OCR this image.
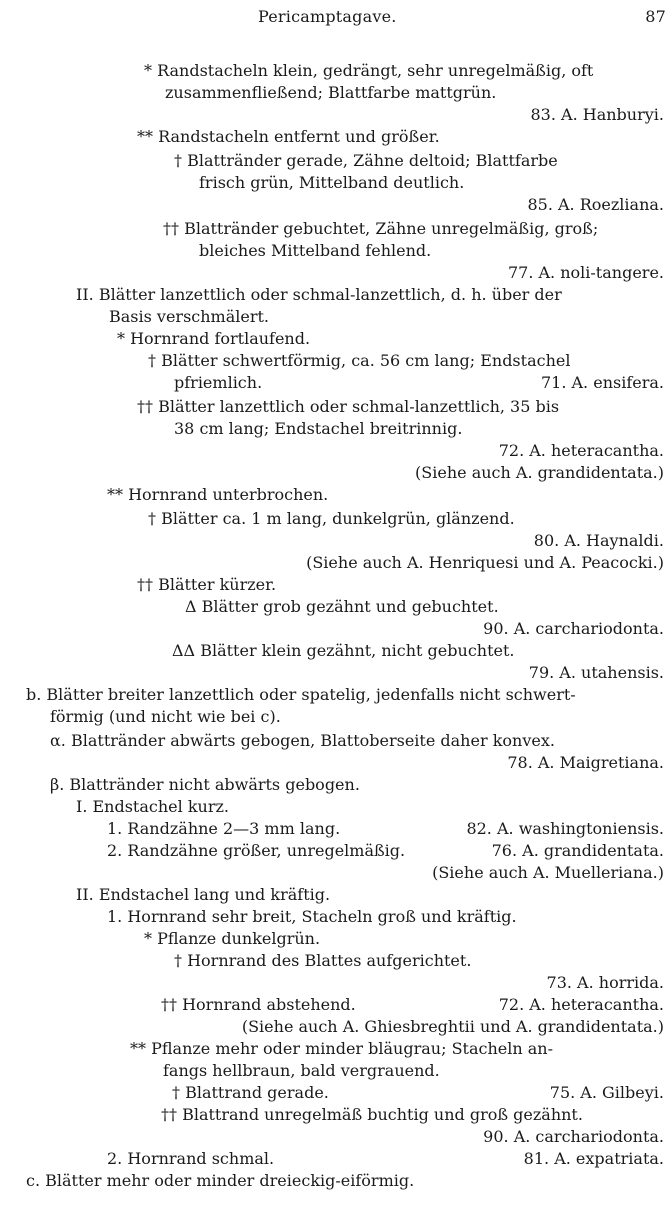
Pericamptagave.	87
* Randstacheln klein, gedrängt, sehr unregelmäßig, oft
zusammenfließend; Blattfarbe mattgrün.
83. A. Hanburyi.
** Randstacheln entfernt und größer.
† Blattränder gerade, Zähne deltoid; Blattfarbe
frisch grün, Mittelband deutlich.
85. A. Roezliana.
†† Blattränder gebuchtet, Zähne unregelmäßig, groß;
bleiches Mittelband fehlend.
77. A. noli-tangere.
II. Blätter lanzettlich oder schmal-lanzettlich, d. h. über der
Basis verschmälert.
* Hornrand fortlaufend.
† Blätter schwertförmig, ca. 56 cm lang; Endstachel
pfriemlich.	71. A. ensifera.
†† Blätter lanzettlich oder schmal-lanzettlich, 35 bis
38 cm lang; Endstachel breitrinnig.
72. A. heteracantha.
(Siehe auch A. grandidentata.)
** Hornrand unterbrochen.
† Blätter ca. 1 m lang, dunkelgrün, glänzend.
80. A. Haynaldi.
(Siehe auch A. Henriquesi und A. Peacocki.)
†† Blätter kürzer.
Δ Blätter grob gezähnt und gebuchtet.
90. A. carchariodonta.
ΔΔ Blätter klein gezähnt, nicht gebuchtet.
79. A. utahensis.
b. Blätter breiter lanzettlich oder spatelig, jedenfalls nicht schwert-
förmig (und nicht wie bei c).
α. Blattränder abwärts gebogen, Blattoberseite daher konvex.
78. A. Maigretiana.
β. Blattränder nicht abwärts gebogen.
I. Endstachel kurz.
1. Randzähne 2—3 mm lang.	82. A. washingtoniensis.
2. Randzähne größer, unregelmäßig.	76. A. grandidentata.
(Siehe auch A. Muelleriana.)
II. Endstachel lang und kräftig.
1. Hornrand sehr breit, Stacheln groß und kräftig.
* Pflanze dunkelgrün.
† Hornrand des Blattes aufgerichtet.
73. A. horrida.
†† Hornrand abstehend.	72. A. heteracantha.
(Siehe auch A. Ghiesbreghtii und A. grandidentata.)
** Pflanze mehr oder minder bläugrau; Stacheln an-
fangs hellbraun, bald vergrauend.
† Blattrand gerade.	75. A. Gilbeyi.
†† Blattrand unregelmäß buchtig und groß gezähnt.
90. A. carchariodonta.
2. Hornrand schmal.	81. A. expatriata.
c. Blätter mehr oder minder dreieckig-eiförmig.
